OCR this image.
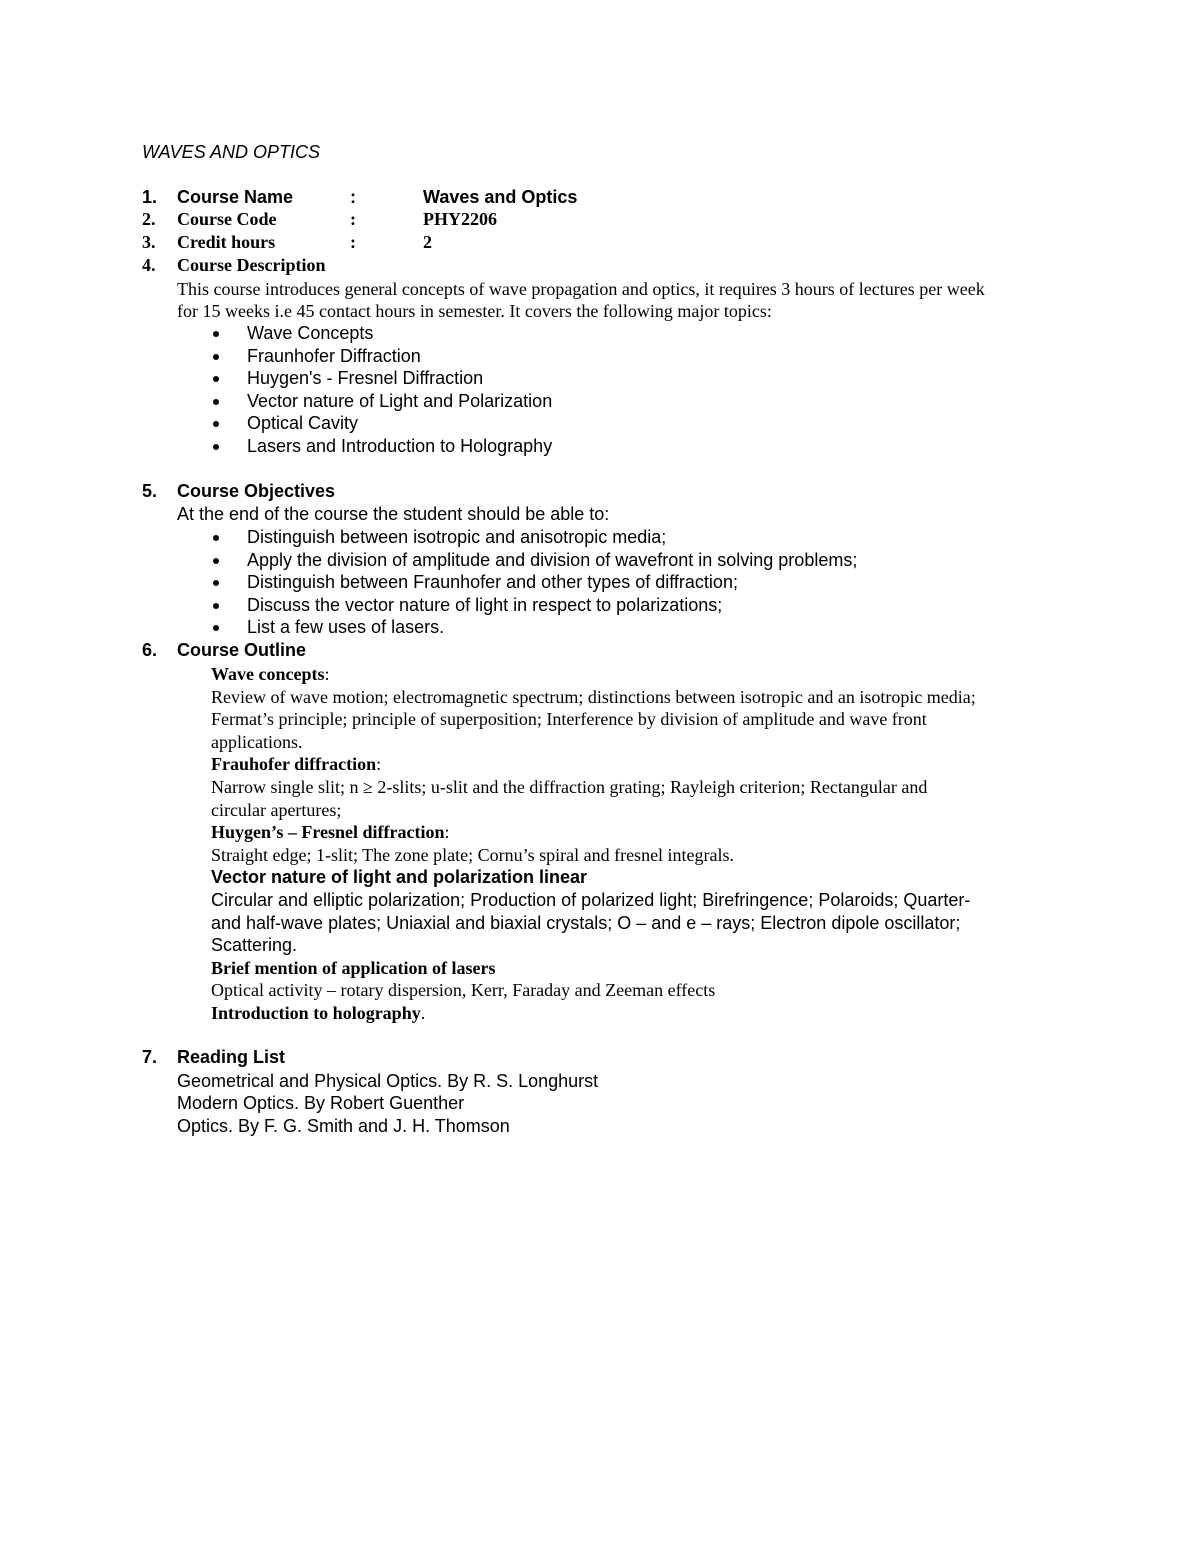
WAVES AND OPTICS
1. Course Name	:	Waves and Optics
2. Course Code	:	PHY2206
3. Credit hours	:	2
4. Course Description
This course introduces general concepts of wave propagation and optics, it requires 3 hours of lectures per week
for 15 weeks i.e 45 contact hours in semester. It covers the following major topics:
Wave Concepts
Fraunhofer Diffraction
Huygen's - Fresnel Diffraction
Vector nature of Light and Polarization
Optical Cavity
Lasers and Introduction to Holography
5. Course Objectives
At the end of the course the student should be able to:
Distinguish between isotropic and anisotropic media;
Apply the division of amplitude and division of wavefront in solving problems;
Distinguish between Fraunhofer and other types of diffraction;
Discuss the vector nature of light in respect to polarizations;
List a few uses of lasers.
6. Course Outline
Wave concepts:
Review of wave motion; electromagnetic spectrum; distinctions between isotropic and an isotropic media;
Fermat’s principle; principle of superposition; Interference by division of amplitude and wave front
applications.
Frauhofer diffraction:
Narrow single slit; n ≥ 2-slits; u-slit and the diffraction grating; Rayleigh criterion; Rectangular and
circular apertures;
Huygen’s – Fresnel diffraction:
Straight edge; 1-slit; The zone plate; Cornu’s spiral and fresnel integrals.
Vector nature of light and polarization linear
Circular and elliptic polarization; Production of polarized light; Birefringence; Polaroids; Quarter-
and half-wave plates; Uniaxial and biaxial crystals; O – and e – rays; Electron dipole oscillator;
Scattering.
Brief mention of application of lasers
Optical activity – rotary dispersion, Kerr, Faraday and Zeeman effects
Introduction to holography.
7. Reading List
Geometrical and Physical Optics. By R. S. Longhurst
Modern Optics. By Robert Guenther
Optics. By F. G. Smith and J. H. Thomson
